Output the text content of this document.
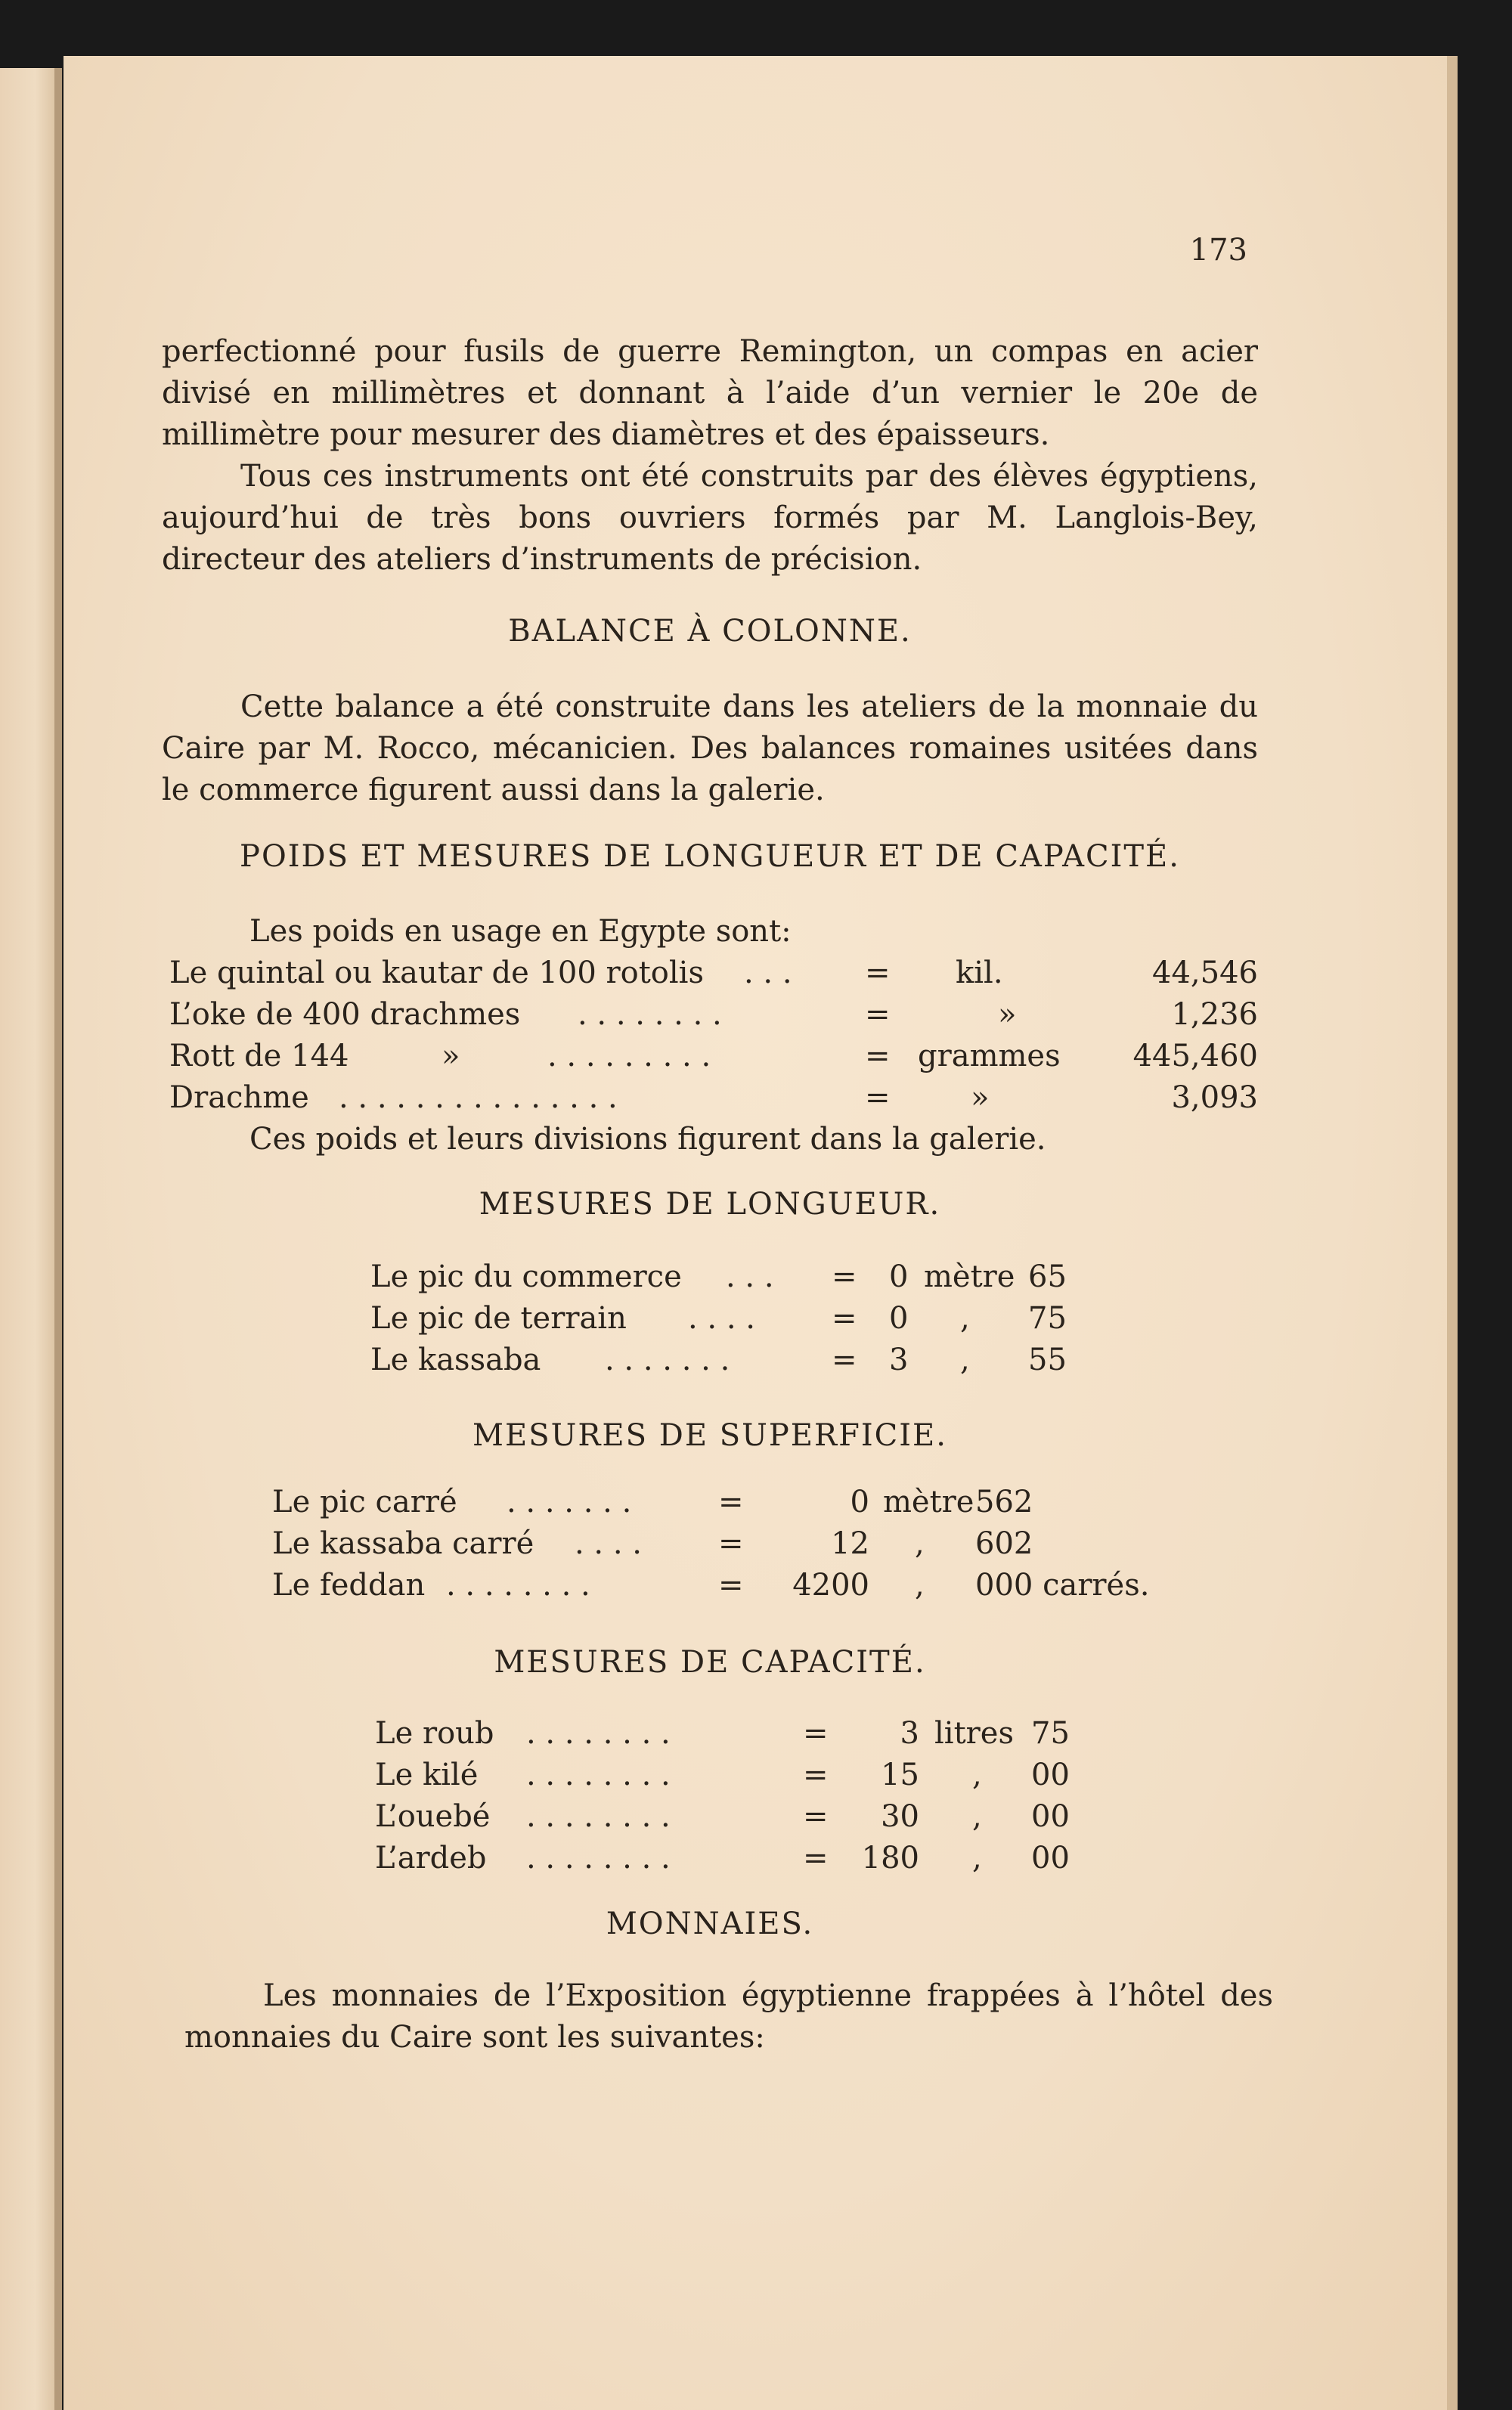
173

perfectionné pour fusils de guerre Remington, un compas en acier divisé en millimètres et donnant à l’aide d’un vernier le 20e de millimètre pour mesurer des diamètres et des épaisseurs.

Tous ces instruments ont été construits par des élèves égyptiens, aujourd’hui de très bons ouvriers formés par M. Langlois-Bey, directeur des ateliers d’instruments de précision.

BALANCE À COLONNE.

Cette balance a été construite dans les ateliers de la monnaie du Caire par M. Rocco, mécanicien. Des balances romaines usitées dans le commerce figurent aussi dans la galerie.

POIDS ET MESURES DE LONGUEUR ET DE CAPACITÉ.
Les poids en usage en Egypte sont:
Le quintal ou kautar de 100 rotolis . . . = kil.	44,546
L’oke de 400 drachmes . . . . . . . .	=	»	1,236
Rott de 144	»	. . . . . . . . .	= grammes	445,460
Drachme . . . . . . . . . . . . . . .	=	»	3,093
Ces poids et leurs divisions figurent dans la galerie.
MESURES DE LONGUEUR.
Le pic du commerce . . . = 0 mètre 65
Le pic de terrain . . . .	= 0 , 75
Le kassaba . . . . . . .	= 3 , 55
MESURES DE SUPERFICIE.
Le pic carré . . . . . . .	=	0 mètre 562
Le kassaba carré . . . .	=	12 , 602
Le feddan . . . . . . . .	=	4200 , 000 carrés.
MESURES DE CAPACITÉ.
Le roub . . . . . . . .	=	3 litres 75
Le kilé . . . . . . . .	=	15 , 00
L’ouebé . . . . . . . .	=	30 , 00
L’ardeb . . . . . . . .	=	180 , 00
MONNAIES.

Les monnaies de l’Exposition égyptienne frappées à l’hôtel des monnaies du Caire sont les suivantes:
